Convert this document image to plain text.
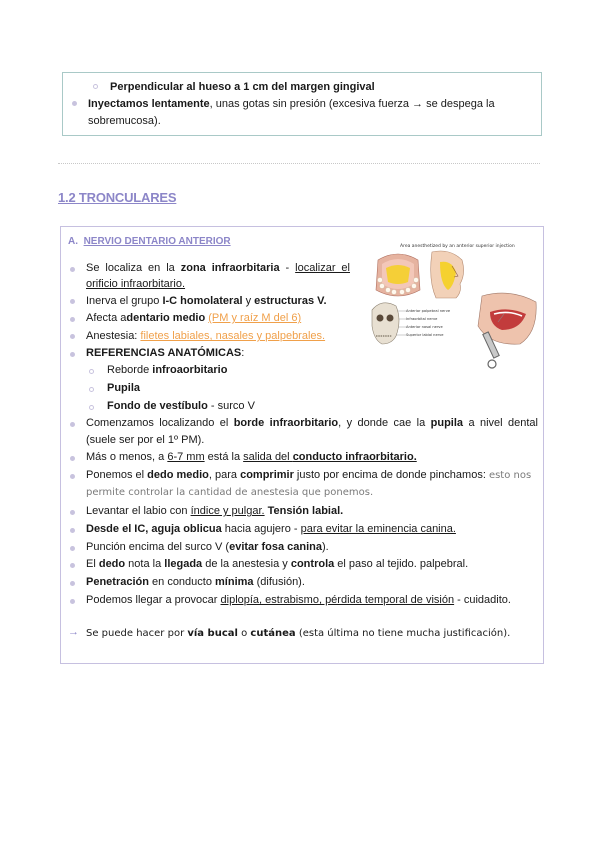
Perpendicular al hueso a 1 cm del margen gingival
Inyectamos lentamente, unas gotas sin presión (excesiva fuerza → se despega la
sobremucosa).
1.2 TRONCULARES
A. NERVIO DENTARIO ANTERIOR	Area anesthetized by an anterior superior injection
Anterior palpebral nerve
Infraorbital nerve
Anterior nasal nerve
Superior labial nerve
Se localiza en la zona infraorbitaria - localizar el
orificio infraorbitario.
Inerva el grupo I-C homolateral y estructuras V.
Afecta adentario medio (PM y raíz M del 6)
Anestesia: filetes labiales, nasales y palpebrales.
REFERENCIAS ANATÓMICAS:
Reborde infroaorbitario
Pupila
Fondo de vestíbulo - surco V
Comenzamos localizando el borde infraorbitario, y donde cae la pupila a nivel dental
(suele ser por el 1º PM).
Más o menos, a 6-7 mm está la salida del conducto infraorbitario.
Ponemos el dedo medio, para comprimir justo por encima de donde pinchamos: esto nos
permite controlar la cantidad de anestesia que ponemos.
Levantar el labio con índice y pulgar. Tensión labial.
Desde el IC, aguja oblicua hacia agujero - para evitar la eminencia canina.
Punción encima del surco V (evitar fosa canina).
El dedo nota la llegada de la anestesia y controla el paso al tejido. palpebral.
Penetración en conducto mínima (difusión).
Podemos llegar a provocar diplopía, estrabismo, pérdida temporal de visión - cuidadito.
→ Se puede hacer por vía bucal o cutánea (esta última no tiene mucha justificación).
